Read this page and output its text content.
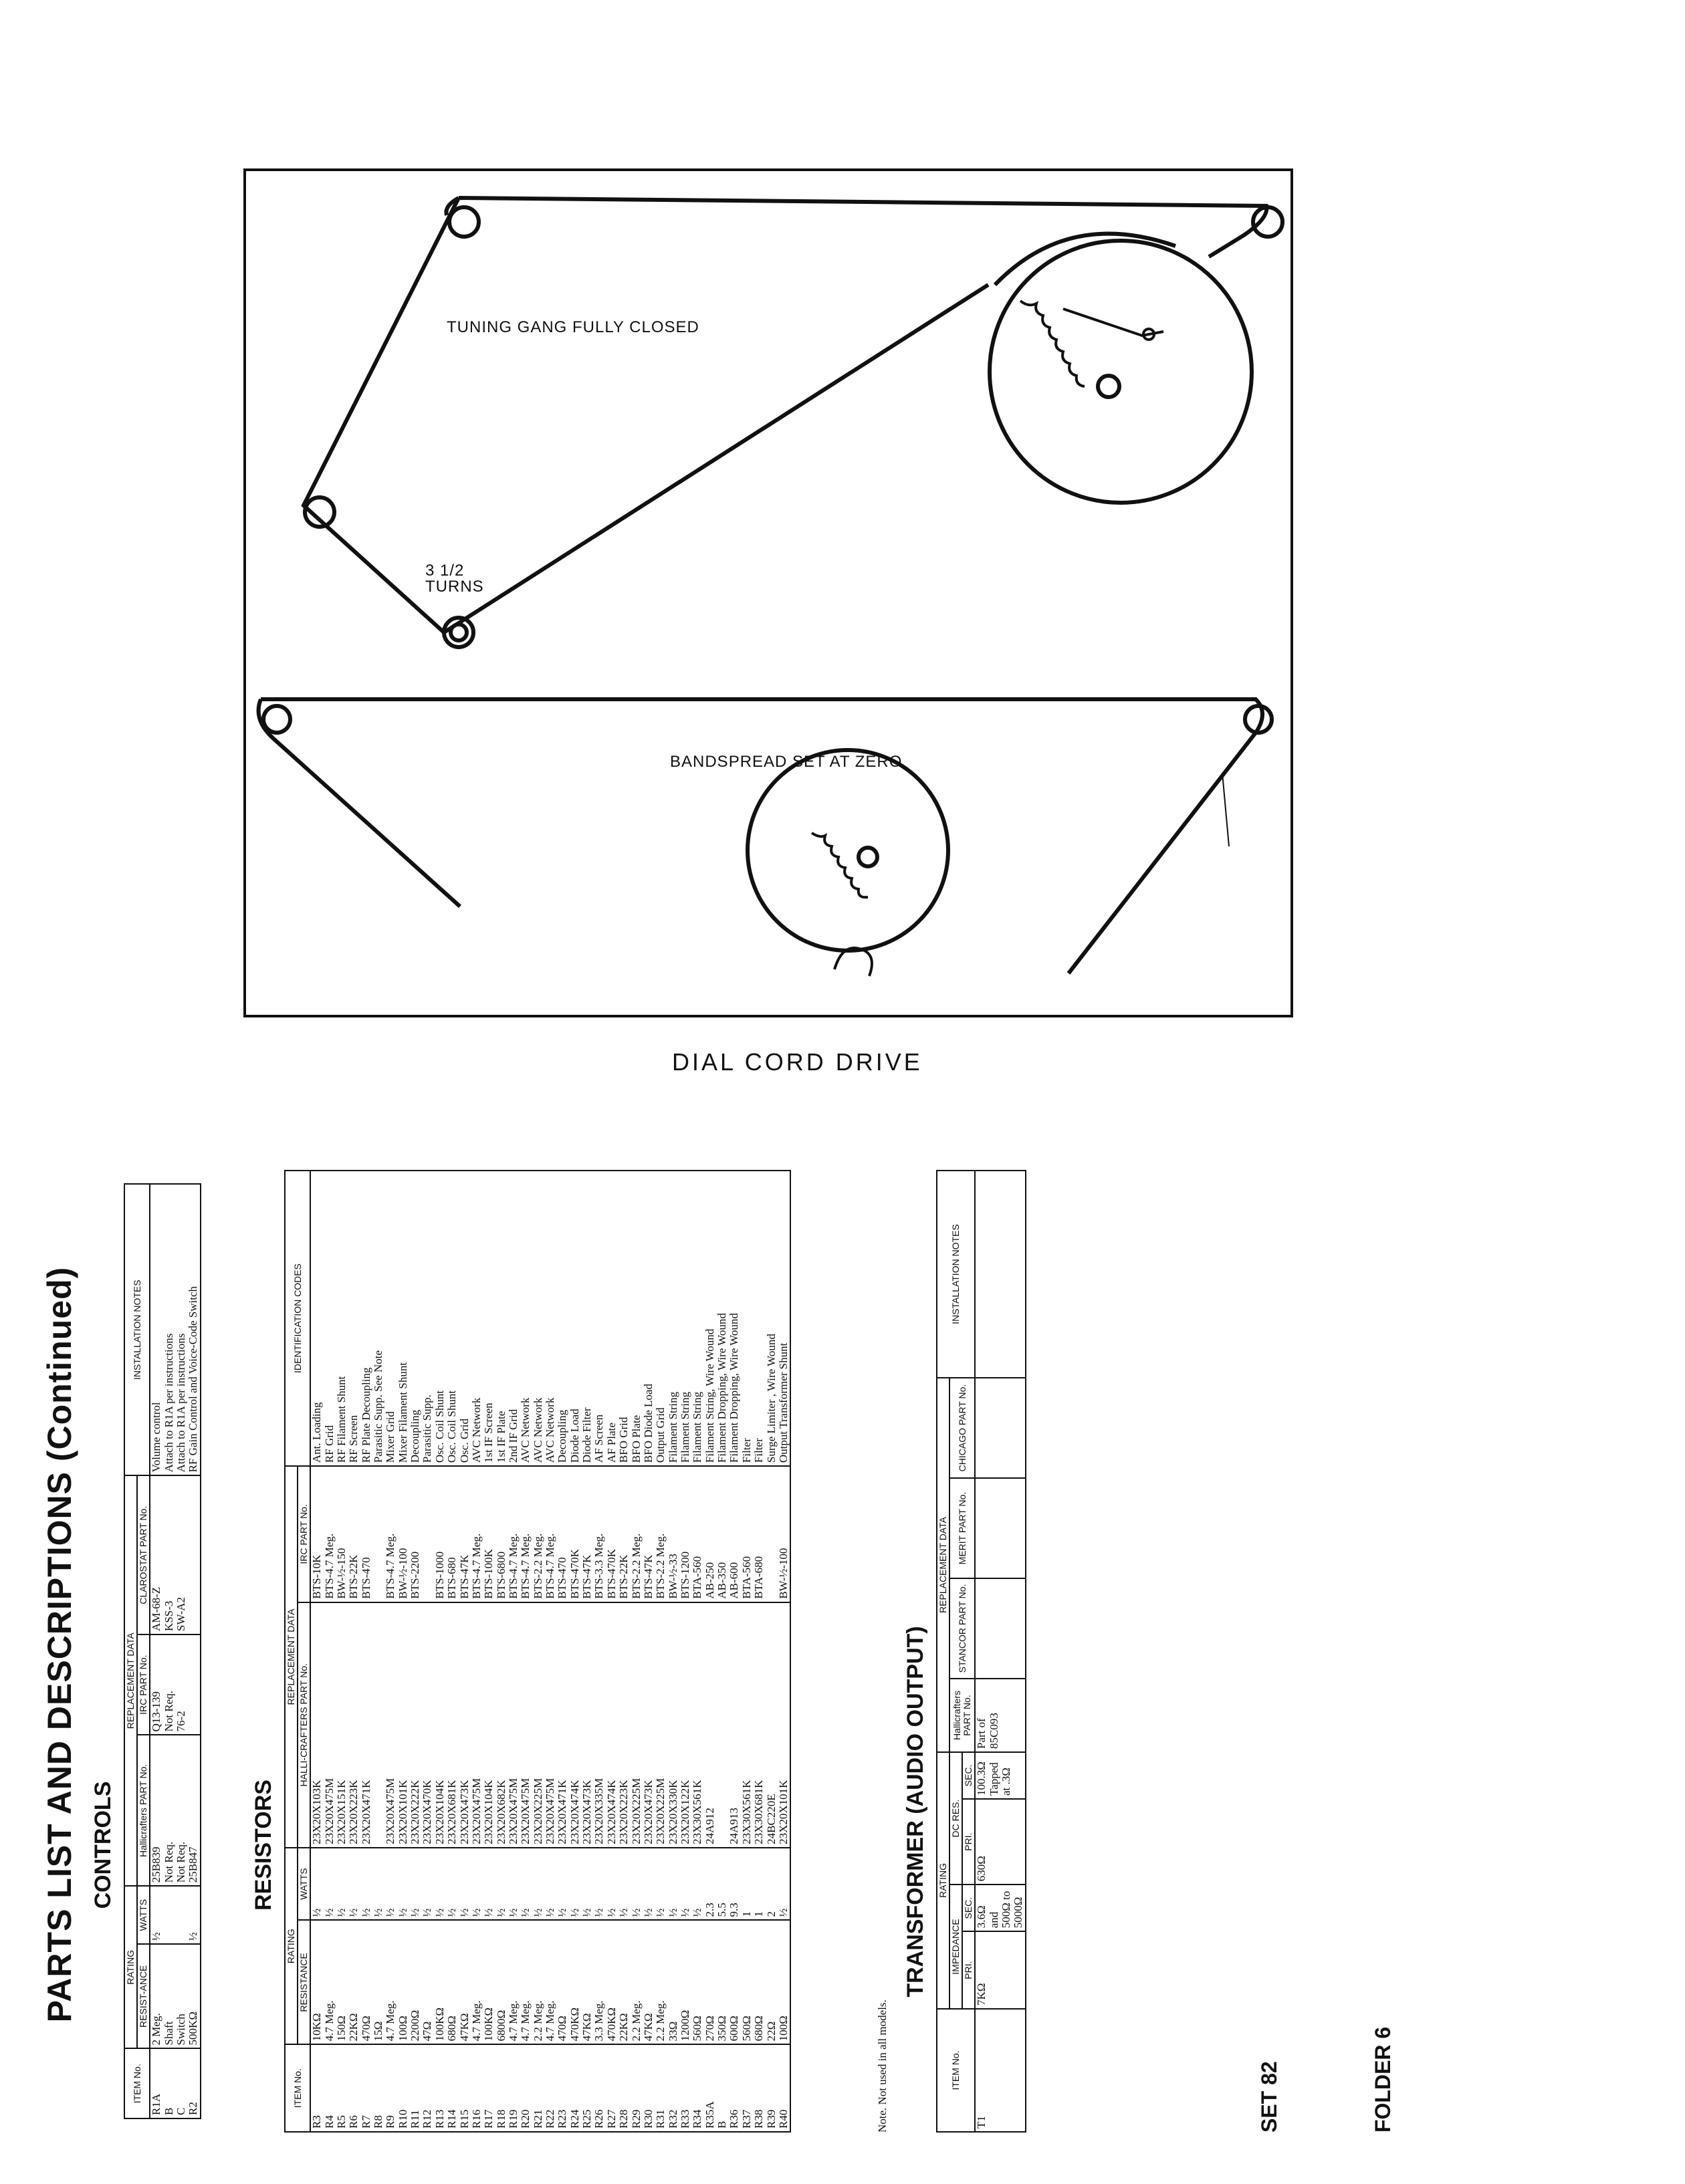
TUNING GANG FULLY CLOSED
3 1/2
TURNS
BANDSPREAD SET AT ZERO
DIAL CORD DRIVE
PARTS LIST AND DESCRIPTIONS (Continued) CONTROLS
ITEM No.	RATING		REPLACEMENT DATA			INSTALLATION NOTES
	RESIST-ANCE	WATTS	Hallicrafters PART No.	IRC PART No.	CLAROSTAT PART No.	
R1A	2 Meg.	½	25B839	Q13-139	AM-68-Z	Volume control
B	Shaft		Not Req.	Not Req.	KSS-3	Attach to R1A per instructions
C	Switch		Not Req.	76-2	SW-A2	Attach to R1A per instructions
R2	500KΩ	½	25B847			RF Gain Control and Voice-Code Switch
RESISTORS
ITEM No.	RATING		REPLACEMENT DATA		IDENTIFICATION CODES
	RESISTANCE	WATTS	HALLI-CRAFTERS PART No.	IRC PART No.	
R3	10KΩ	½	23X20X103K	BTS-10K	Ant. Loading
R4	4.7 Meg.	½	23X20X475M	BTS-4.7 Meg.	RF Grid
R5	150Ω	½	23X20X151K	BW-½-150	RF Filament Shunt
R6	22KΩ	½	23X20X223K	BTS-22K	RF Screen
R7	470Ω	½	23X20X471K	BTS-470	RF Plate Decoupling
R8	15Ω	½			Parasitic Supp. See Note
R9	4.7 Meg.	½	23X20X475M	BTS-4.7 Meg.	Mixer Grid
R10	100Ω	½	23X20X101K	BW-½-100	Mixer Filament Shunt
R11	2200Ω	½	23X20X222K	BTS-2200	Decoupling
R12	47Ω	½	23X20X470K		Parasitic Supp.
R13	100KΩ	½	23X20X104K	BTS-1000	Osc. Coil Shunt
R14	680Ω	½	23X20X681K	BTS-680	Osc. Coil Shunt
R15	47KΩ	½	23X20X473K	BTS-47K	Osc. Grid
R16	4.7 Meg.	½	23X20X475M	BTS-4.7 Meg.	AVC Network
R17	100KΩ	½	23X20X104K	BTS-100K	1st IF Screen
R18	6800Ω	½	23X20X682K	BTS-6800	1st IF Plate
R19	4.7 Meg.	½	23X20X475M	BTS-4.7 Meg.	2nd IF Grid
R20	4.7 Meg.	½	23X20X475M	BTS-4.7 Meg.	AVC Network
R21	2.2 Meg.	½	23X20X225M	BTS-2.2 Meg.	AVC Network
R22	4.7 Meg.	½	23X20X475M	BTS-4.7 Meg.	AVC Network
R23	470Ω	½	23X20X471K	BTS-470	Decoupling
R24	470KΩ	½	23X20X474K	BTS-470K	Diode Load
R25	47KΩ	½	23X20X473K	BTS-47K	Diode Filter
R26	3.3 Meg.	½	23X20X335M	BTS-3.3 Meg.	AF Screen
R27	470KΩ	½	23X20X474K	BTS-470K	AF Plate
R28	22KΩ	½	23X20X223K	BTS-22K	BFO Grid
R29	2.2 Meg.	½	23X20X225M	BTS-2.2 Meg.	BFO Plate
R30	47KΩ	½	23X20X473K	BTS-47K	BFO Diode Load
R31	2.2 Meg.	½	23X20X225M	BTS-2.2 Meg.	Output Grid
R32	33Ω	½	23X20X330K	BW-½-33	Filament String
R33	1200Ω	½	23X20X122K	BTS-1200	Filament String
R34	560Ω	½	23X30X561K	BTA-560	Filament String
R35A	270Ω	2.3	24A912	AB-250	Filament String, Wire Wound
B	350Ω	5.5		AB-350	Filament Dropping, Wire Wound
R36	600Ω	9.3	24A913	AB-600	Filament Dropping, Wire Wound
R37	560Ω	1	23X30X561K	BTA-560	Filter
R38	680Ω	1	23X30X681K	BTA-680	Filter
R39	22Ω	2	24BC220E		Surge Limiter , Wire Wound
R40	100Ω	½	23X20X101K	BW-½-100	Output Transformer Shunt
Note. Not used in all models.
TRANSFORMER (AUDIO OUTPUT)
ITEM No.	RATING				REPLACEMENT DATA				INSTALLATION NOTES
	IMPEDANCE		DC RES.		Hallicrafters PART No.	STANCOR PART No.	MERIT PART No.	CHICAGO PART No.	
	PRI.	SEC.	PRI.	SEC.					
T1	7KΩ	3.6Ω and 500Ω to 5000Ω	630Ω	100.3Ω Tapped at .3Ω	Part of 85C093				
SET 82	FOLDER 6
